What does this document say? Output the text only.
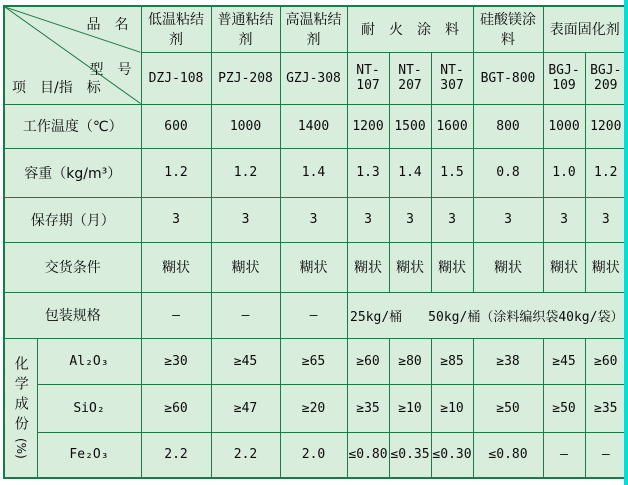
品　名
型　号
项　目/指　标		低温粘结剂	普通粘结剂	高温粘结剂	耐　火　涂　料			硅酸镁涂料	表面固化剂	
		DZJ-108	PZJ-208	GZJ-308	NT-107	NT-207	NT-307	BGT-800	BGJ-109	BGJ-209
工作温度（℃）		600	1000	1400	1200	1500	1600	800	1000	1200
容重（kg/m³）		1.2	1.2	1.4	1.3	1.4	1.5	0.8	1.0	1.2
保存期（月）		3	3	3	3	3	3	3	3	3
交货条件		糊状	糊状	糊状	糊状	糊状	糊状	糊状	糊状	糊状
包装规格		—	—	—	25kg/桶　　50kg/桶（涂料编织袋40kg/袋）					

化学成份
(%)	Al₂O₃	≥30	≥45	≥65	≥60	≥80	≥85	≥38	≥45	≥60
	SiO₂	≥60	≥47	≥20	≥35	≥10	≥10	≥50	≥50	≥35
	Fe₂O₃	2.2	2.2	2.0	≤0.80	≤0.35	≤0.30	≤0.80	—	—
